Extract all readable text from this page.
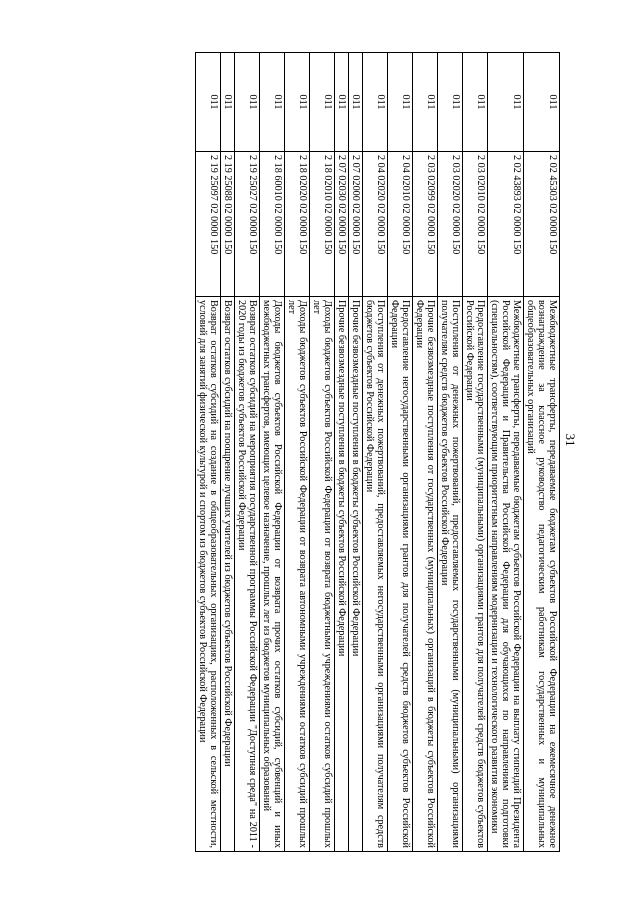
31
011	2 02 45303 02 0000 150	Межбюджетные трансферты, передаваемые бюджетам субъектов Российской Федерации на ежемесячное денежное вознаграждение за классное руководство педагогическим работникам государственных и муниципальных общеобразовательных организаций
011	2 02 43893 02 0000 150	Межбюджетные трансферты, передаваемые бюджетам субъектов Российской Федерации на выплату стипендий Президента Российской Федерации и Правительства Российской Федерации для обучающихся по направлениям подготовки (специальностям), соответствующим приоритетным направлениям модернизации и технологического развития экономики
011	2 03 02010 02 0000 150	Предоставление государственными (муниципальными) организациями грантов для получателей средств бюджетов субъектов Российской Федерации
011	2 03 02020 02 0000 150	Поступления от денежных пожертвований, предоставляемых государственными (муниципальными) организациями получателям средств бюджетов субъектов Российской Федерации
011	2 03 02099 02 0000 150	Прочие безвозмездные поступления от государственных (муниципальных) организаций в бюджеты субъектов Российской Федерации
011	2 04 02010 02 0000 150	Предоставление негосударственными организациями грантов для получателей средств бюджетов субъектов Российской Федерации
011	2 04 02020 02 0000 150	Поступления от денежных пожертвований, предоставляемых негосударственными организациями получателям средств бюджетов субъектов Российской Федерации
011	2 07 02000 02 0000 150	Прочие безвозмездные поступления в бюджеты субъектов Российской Федерации
011	2 07 02030 02 0000 150	Прочие безвозмездные поступления в бюджеты субъектов Российской Федерации
011	2 18 02010 02 0000 150	Доходы бюджетов субъектов Российской Федерации от возврата бюджетными учреждениями остатков субсидий прошлых лет
011	2 18 02020 02 0000 150	Доходы бюджетов субъектов Российской Федерации от возврата автономными учреждениями остатков субсидий прошлых лет
011	2 18 60010 02 0000 150	Доходы бюджетов субъектов Российской Федерации от возврата прочих остатков субсидий, субвенций и иных межбюджетных трансфертов, имеющих целевое назначение, прошлых лет из бюджетов муниципальных образований
011	2 19 25027 02 0000 150	Возврат остатков субсидий на мероприятия государственной программы Российской Федерации "Доступная среда" на 2011 - 2020 годы из бюджетов субъектов Российской Федерации
011	2 19 25088 02 0000 150	Возврат остатков субсидий на поощрение лучших учителей из бюджетов субъектов Российской Федерации
011	2 19 25097 02 0000 150	Возврат остатков субсидий на создание в общеобразовательных организациях, расположенных в сельской местности, условий для занятий физической культурой и спортом из бюджетов субъектов Российской Федерации
